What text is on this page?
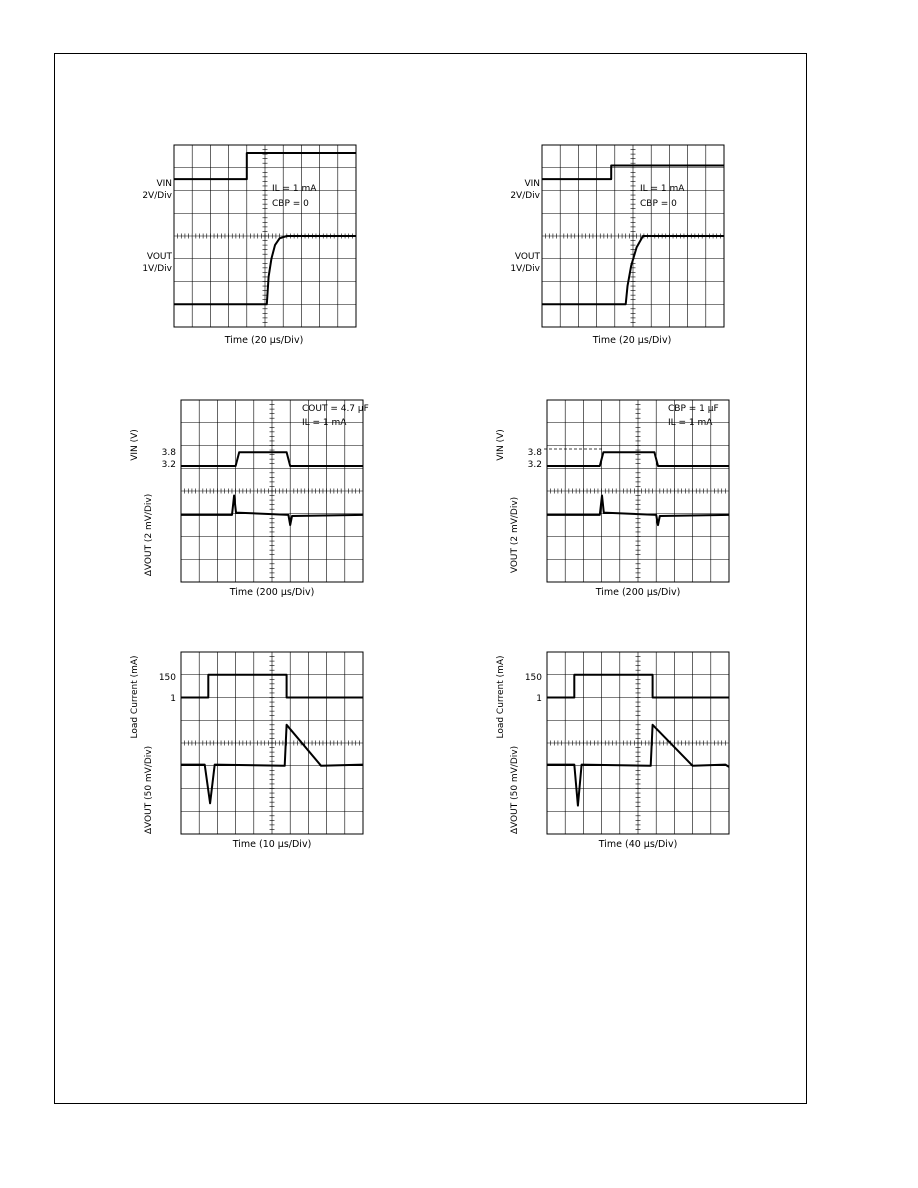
VIN
2V/Div
VOUT
1V/Div
IL = 1 mA
CBP = 0
Time (20 µs/Div)
VIN
2V/Div
VOUT
1V/Div
IL = 1 mA
CBP = 0
Time (20 µs/Div)
3.8
3.2
VIN (V)
ΔVOUT (2 mV/Div)
COUT = 4.7 µF
IL = 1 mA
Time (200 µs/Div)
3.8
3.2
VIN (V)
VOUT (2 mV/Div)
CBP = 1 µF
IL = 1 mA
Time (200 µs/Div)
150
1
Load Current (mA)
ΔVOUT (50 mV/Div)
Time (10 µs/Div)
150
1
Load Current (mA)
ΔVOUT (50 mV/Div)
Time (40 µs/Div)
